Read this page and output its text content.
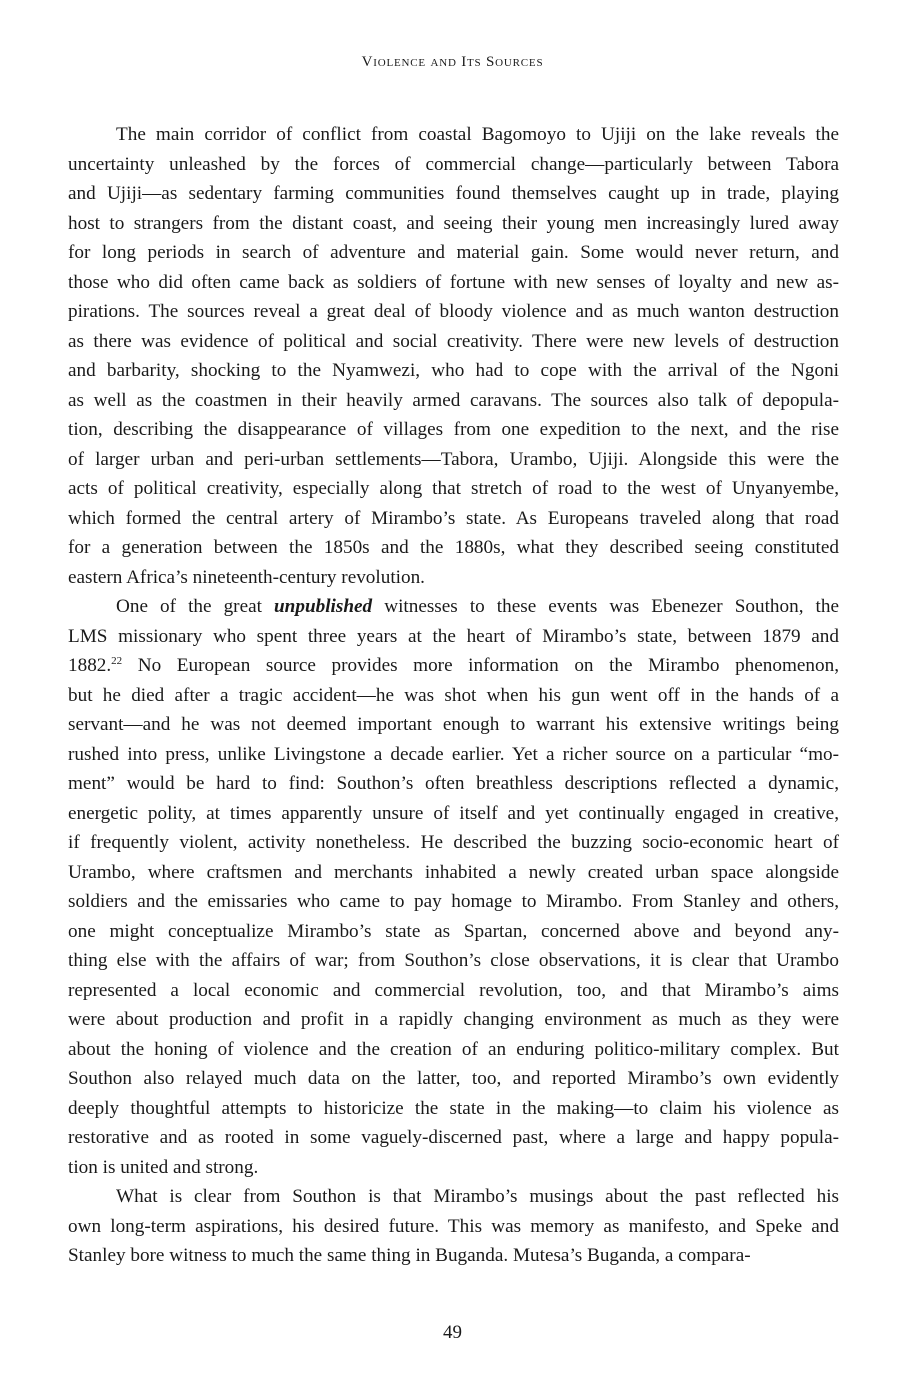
Violence and Its Sources
The main corridor of conflict from coastal Bagomoyo to Ujiji on the lake reveals the
uncertainty unleashed by the forces of commercial change—particularly between Tabora
and Ujiji—as sedentary farming communities found themselves caught up in trade, playing
host to strangers from the distant coast, and seeing their young men increasingly lured away
for long periods in search of adventure and material gain. Some would never return, and
those who did often came back as soldiers of fortune with new senses of loyalty and new as-
pirations. The sources reveal a great deal of bloody violence and as much wanton destruction
as there was evidence of political and social creativity. There were new levels of destruction
and barbarity, shocking to the Nyamwezi, who had to cope with the arrival of the Ngoni
as well as the coastmen in their heavily armed caravans. The sources also talk of depopula-
tion, describing the disappearance of villages from one expedition to the next, and the rise
of larger urban and peri-urban settlements—Tabora, Urambo, Ujiji. Alongside this were the
acts of political creativity, especially along that stretch of road to the west of Unyanyembe,
which formed the central artery of Mirambo’s state. As Europeans traveled along that road
for a generation between the 1850s and the 1880s, what they described seeing constituted
eastern Africa’s nineteenth-century revolution.
One of the great unpublished witnesses to these events was Ebenezer Southon, the
LMS missionary who spent three years at the heart of Mirambo’s state, between 1879 and
1882.22 No European source provides more information on the Mirambo phenomenon,
but he died after a tragic accident—he was shot when his gun went off in the hands of a
servant—and he was not deemed important enough to warrant his extensive writings being
rushed into press, unlike Livingstone a decade earlier. Yet a richer source on a particular “mo-
ment” would be hard to find: Southon’s often breathless descriptions reflected a dynamic,
energetic polity, at times apparently unsure of itself and yet continually engaged in creative,
if frequently violent, activity nonetheless. He described the buzzing socio-economic heart of
Urambo, where craftsmen and merchants inhabited a newly created urban space alongside
soldiers and the emissaries who came to pay homage to Mirambo. From Stanley and others,
one might conceptualize Mirambo’s state as Spartan, concerned above and beyond any-
thing else with the affairs of war; from Southon’s close observations, it is clear that Urambo
represented a local economic and commercial revolution, too, and that Mirambo’s aims
were about production and profit in a rapidly changing environment as much as they were
about the honing of violence and the creation of an enduring politico-military complex. But
Southon also relayed much data on the latter, too, and reported Mirambo’s own evidently
deeply thoughtful attempts to historicize the state in the making—to claim his violence as
restorative and as rooted in some vaguely-discerned past, where a large and happy popula-
tion is united and strong.
What is clear from Southon is that Mirambo’s musings about the past reflected his
own long-term aspirations, his desired future. This was memory as manifesto, and Speke and
Stanley bore witness to much the same thing in Buganda. Mutesa’s Buganda, a compara-
49
